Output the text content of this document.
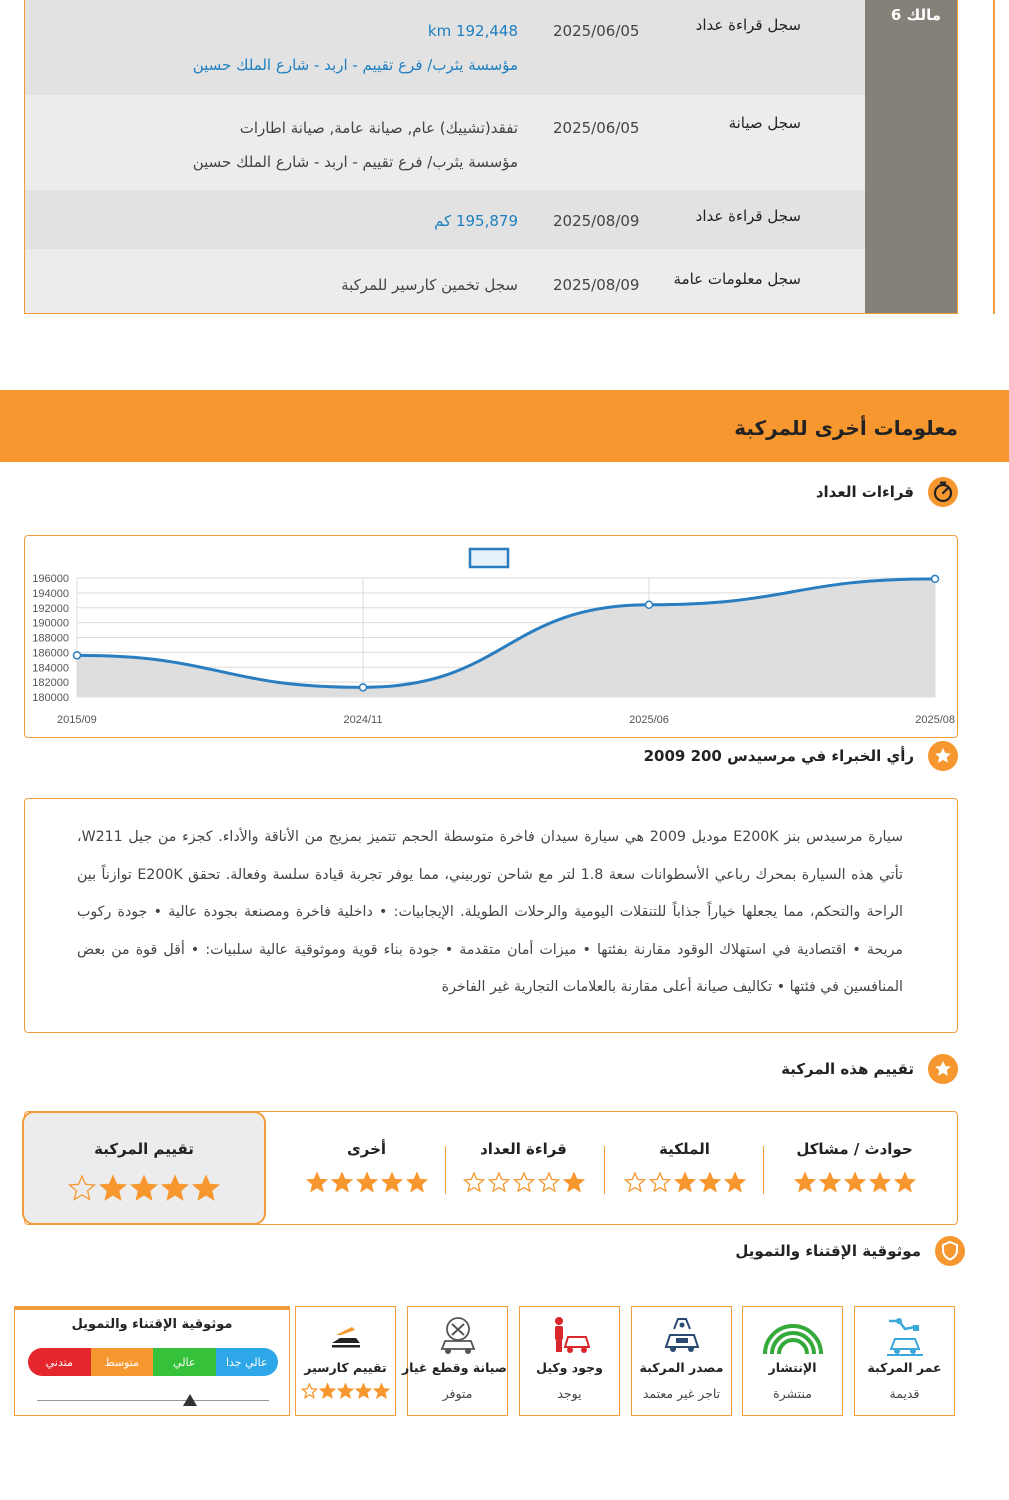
مالك 6
سجل قراءة عداد
2025/06/05
km 192,448
مؤسسة يثرب/ فرع تقييم - اربد - شارع الملك حسين
سجل صيانة
2025/06/05
تفقد(تشييك) عام, صيانة عامة, صيانة اطارات
مؤسسة يثرب/ فرع تقييم - اربد - شارع الملك حسين
سجل قراءة عداد
2025/08/09
195,879 كم
سجل معلومات عامة
2025/08/09
سجل تخمين كارسير للمركبة
معلومات أخرى للمركبة
قراءات العداد
180000
182000
184000
186000
188000
190000
192000
194000
196000
2015/09	2024/11	2025/06	2025/08
رأي الخبراء في مرسيدس 200 2009

سيارة مرسيدس بنز E200K موديل 2009 هي سيارة سيدان فاخرة متوسطة الحجم تتميز بمزيج من الأناقة والأداء. كجزء من جيل W211، تأتي هذه السيارة بمحرك رباعي الأسطوانات سعة 1.8 لتر مع شاحن توربيني، مما يوفر تجربة قيادة سلسة وفعالة. تحقق E200K توازناً بين الراحة والتحكم، مما يجعلها خياراً جذاباً للتنقلات اليومية والرحلات الطويلة. الإيجابيات: • داخلية فاخرة ومصنعة بجودة عالية • جودة ركوب مريحة • اقتصادية في استهلاك الوقود مقارنة بفئتها • ميزات أمان متقدمة • جودة بناء قوية وموثوقية عالية سلبيات: • أقل قوة من بعض المنافسين في فئتها • تكاليف صيانة أعلى مقارنة بالعلامات التجارية غير الفاخرة

تقييم هذه المركبة
حوادث / مشاكل
الملكية
قراءة العداد
أخرى
تقييم المركبة
موثوقية الإقتناء والتمويل
موثوقية الإقتناء والتمويل
متدني	متوسط	عالي	عالي جدا	تقييم كارسير	صيانة وقطع غيار
متوفر
وجود وكيل
يوجد
مصدر المركبة
تاجر غير معتمد
الإنتشار
منتشرة
عمر المركبة
قديمة
